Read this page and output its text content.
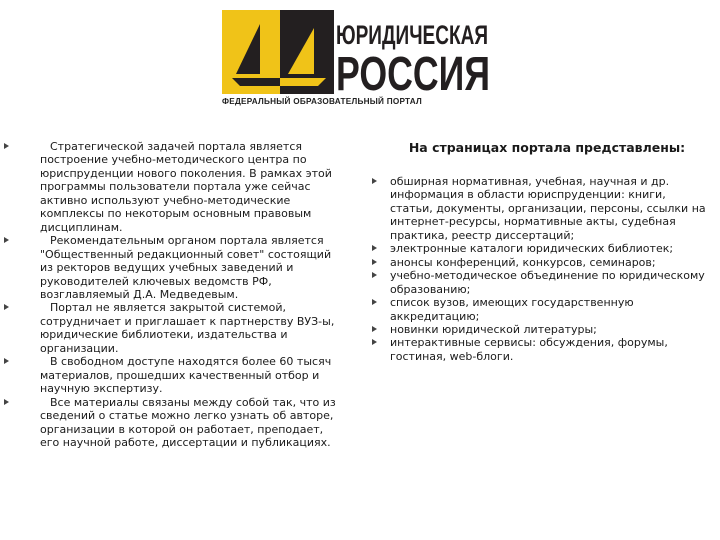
ЮРИДИЧЕСКАЯ
РОССИЯ
ФЕДЕРАЛЬНЫЙ ОБРАЗОВАТЕЛЬНЫЙ ПОРТАЛ
Стратегической задачей портала является построение учебно-методического центра по юриспруденции нового поколения. В рамках этой программы пользователи портала уже сейчас активно используют учебно-методические комплексы по некоторым основным правовым дисциплинам.
Рекомендательным органом портала является "Общественный редакционный совет" состоящий из ректоров ведущих учебных заведений и руководителей ключевых ведомств РФ, возглавляемый Д.А. Медведевым.
Портал не является закрытой системой, сотрудничает и приглашает к партнерству ВУЗ-ы, юридические библиотеки, издательства и организации.
В свободном доступе находятся более 60 тысяч материалов, прошедших качественный отбор и научную экспертизу.
Все материалы связаны между собой так, что из сведений о статье можно легко узнать об авторе, организации в которой он работает, преподает, его научной работе, диссертации и публикациях.
На страницах портала представлены:
обширная нормативная, учебная, научная и др. информация в области юриспруденции: книги, статьи, документы, организации, персоны, ссылки на интернет-ресурсы, нормативные акты, судебная практика, реестр диссертаций;
электронные каталоги юридических библиотек;
анонсы конференций, конкурсов, семинаров;
учебно-методическое объединение по юридическому образованию;
список вузов, имеющих государственную аккредитацию;
новинки юридической литературы;
интерактивные сервисы: обсуждения, форумы, гостиная, web-блоги.
